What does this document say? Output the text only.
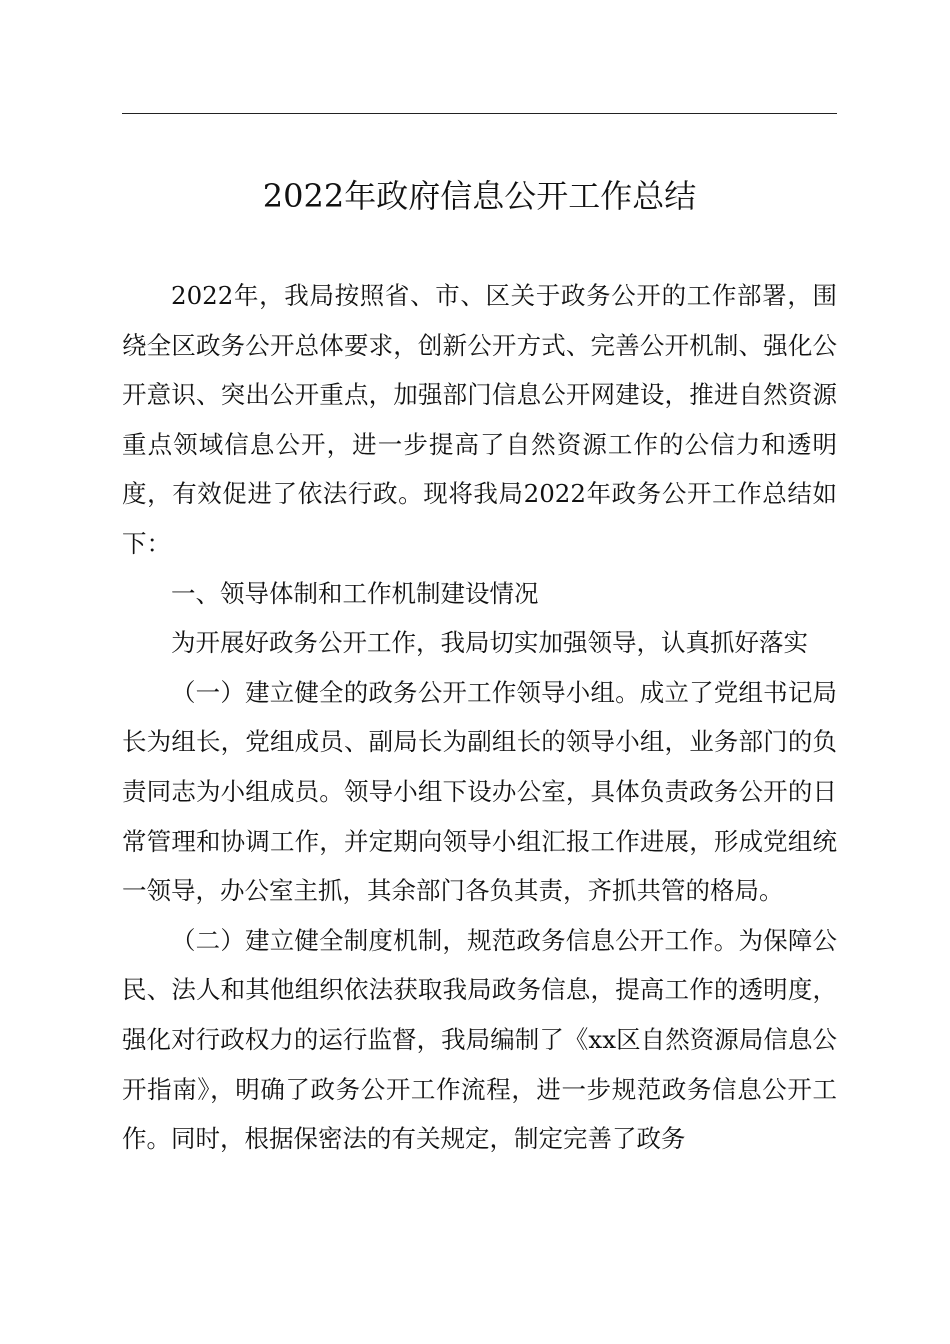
2022年政府信息公开工作总结

2022年，我局按照省、市、区关于政务公开的工作部署，围绕全区政务公开总体要求，创新公开方式、完善公开机制、强化公开意识、突出公开重点，加强部门信息公开网建设，推进自然资源重点领域信息公开，进一步提高了自然资源工作的公信力和透明度，有效促进了依法行政。现将我局2022年政务公开工作总结如下：

一、领导体制和工作机制建设情况

为开展好政务公开工作，我局切实加强领导，认真抓好落实

（一）建立健全的政务公开工作领导小组。成立了党组书记局长为组长，党组成员、副局长为副组长的领导小组，业务部门的负责同志为小组成员。领导小组下设办公室，具体负责政务公开的日常管理和协调工作，并定期向领导小组汇报工作进展，形成党组统一领导，办公室主抓，其余部门各负其责，齐抓共管的格局。

（二）建立健全制度机制，规范政务信息公开工作。为保障公民、法人和其他组织依法获取我局政务信息，提高工作的透明度，强化对行政权力的运行监督，我局编制了《xx区自然资源局信息公开指南》，明确了政务公开工作流程，进一步规范政务信息公开工作。同时，根据保密法的有关规定，制定完善了政务
